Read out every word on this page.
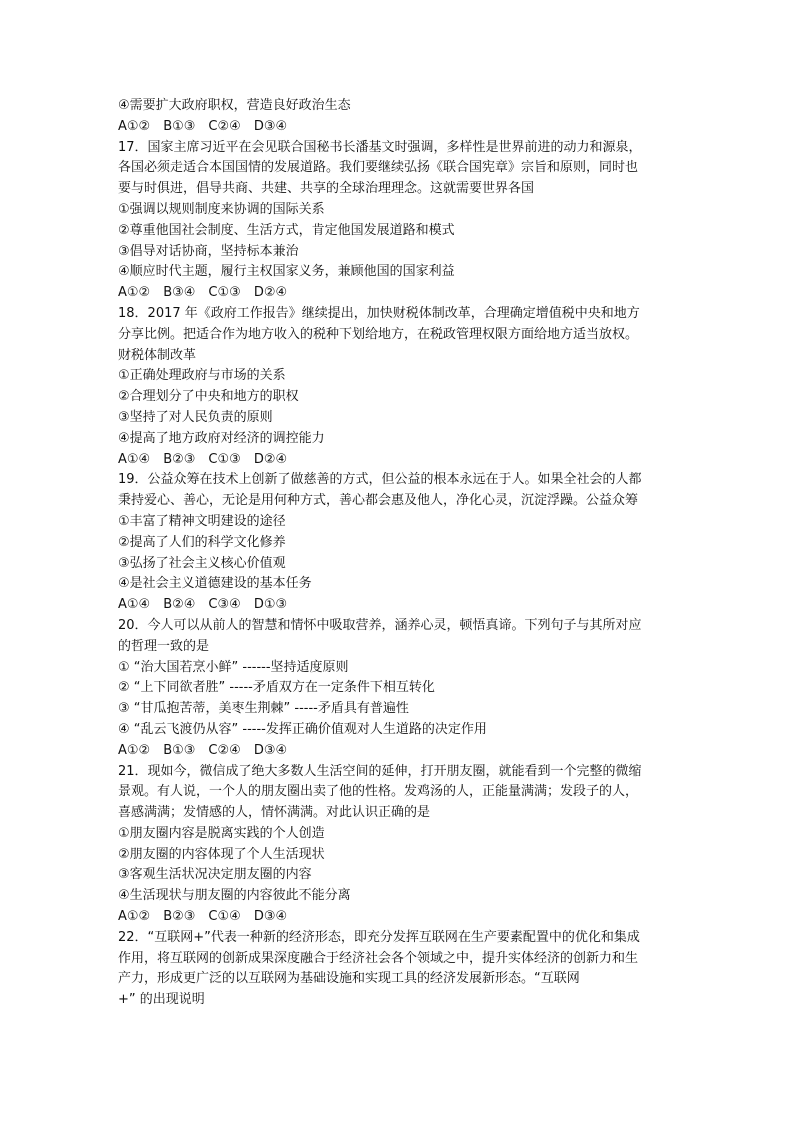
④需要扩大政府职权，营造良好政治生态
A①②　B①③　C②④　D③④
17．国家主席习近平在会见联合国秘书长潘基文时强调，多样性是世界前进的动力和源泉，
各国必须走适合本国国情的发展道路。我们要继续弘扬《联合国宪章》宗旨和原则，同时也
要与时俱进，倡导共商、共建、共享的全球治理理念。这就需要世界各国
①强调以规则制度来协调的国际关系
②尊重他国社会制度、生活方式，肯定他国发展道路和模式
③倡导对话协商，坚持标本兼治
④顺应时代主题，履行主权国家义务，兼顾他国的国家利益
A①②　B③④　C①③　D②④
18．2017 年《政府工作报告》继续提出，加快财税体制改革，合理确定增值税中央和地方
分享比例。把适合作为地方收入的税种下划给地方，在税政管理权限方面给地方适当放权。
财税体制改革
①正确处理政府与市场的关系
②合理划分了中央和地方的职权
③坚持了对人民负责的原则
④提高了地方政府对经济的调控能力
A①④　B②③　C①③　D②④
19．公益众筹在技术上创新了做慈善的方式，但公益的根本永远在于人。如果全社会的人都
秉持爱心、善心，无论是用何种方式，善心都会惠及他人，净化心灵，沉淀浮躁。公益众筹
①丰富了精神文明建设的途径
②提高了人们的科学文化修养
③弘扬了社会主义核心价值观
④是社会主义道德建设的基本任务
A①④　B②④　C③④　D①③
20．今人可以从前人的智慧和情怀中吸取营养，涵养心灵，顿悟真谛。下列句子与其所对应
的哲理一致的是
① “治大国若烹小鲜” ------坚持适度原则
② “上下同欲者胜” -----矛盾双方在一定条件下相互转化
③ “甘瓜抱苦蒂，美枣生荆棘” -----矛盾具有普遍性
④ “乱云飞渡仍从容” -----发挥正确价值观对人生道路的决定作用
A①②　B①③　C②④　D③④
21．现如今，微信成了绝大多数人生活空间的延伸，打开朋友圈，就能看到一个完整的微缩
景观。有人说，一个人的朋友圈出卖了他的性格。发鸡汤的人，正能量满满；发段子的人，
喜感满满；发情感的人，情怀满满。对此认识正确的是
①朋友圈内容是脱离实践的个人创造
②朋友圈的内容体现了个人生活现状
③客观生活状况决定朋友圈的内容
④生活现状与朋友圈的内容彼此不能分离
A①②　B②③　C①④　D③④
22．“互联网+”代表一种新的经济形态，即充分发挥互联网在生产要素配置中的优化和集成
作用，将互联网的创新成果深度融合于经济社会各个领域之中，提升实体经济的创新力和生
产力，形成更广泛的以互联网为基础设施和实现工具的经济发展新形态。“互联网
+” 的出现说明
